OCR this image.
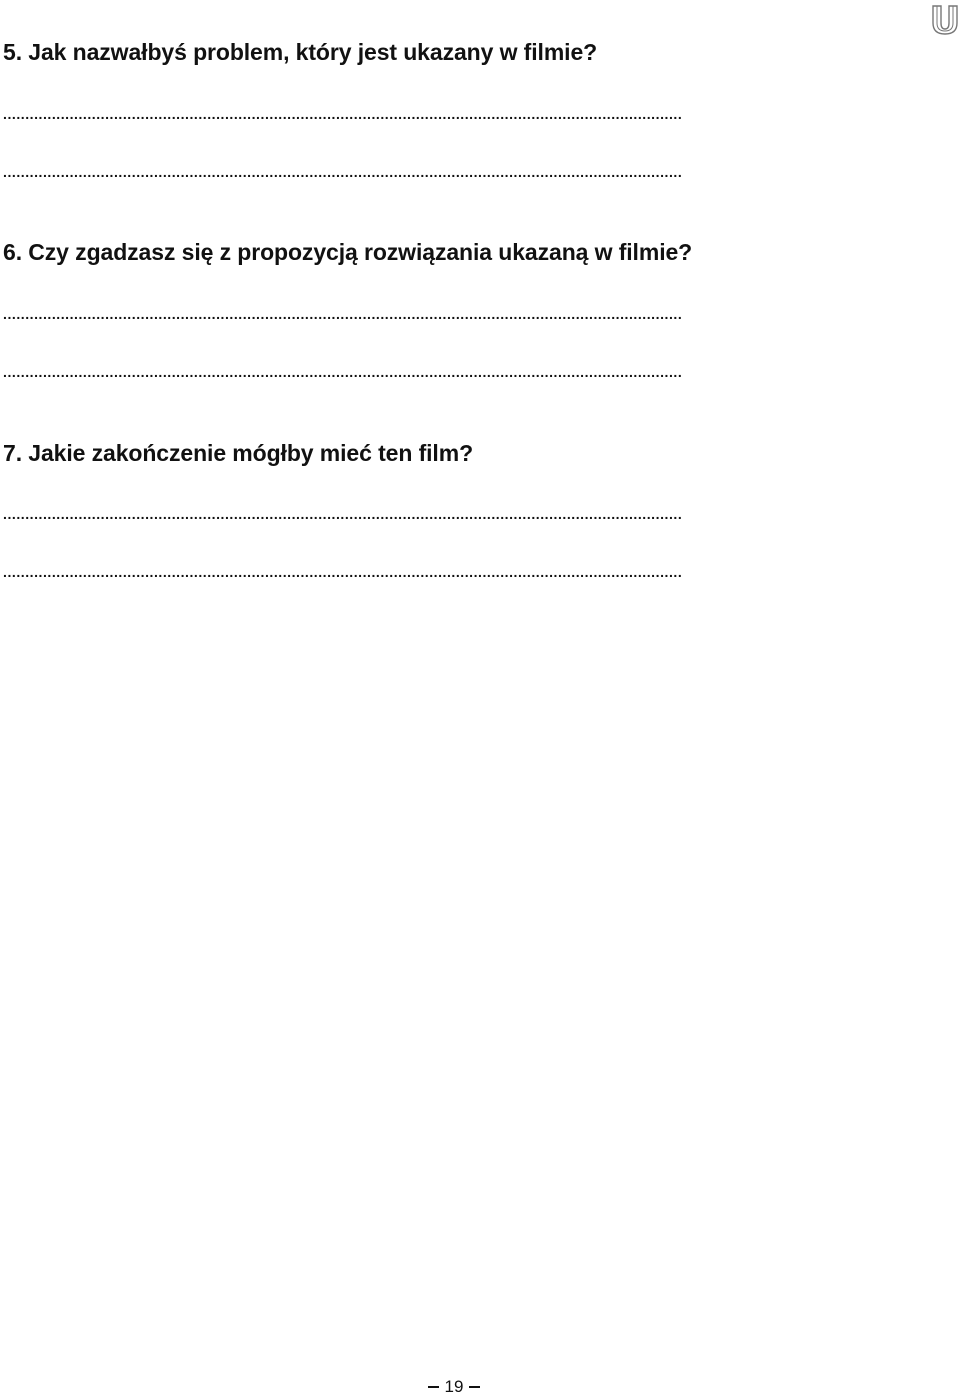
5. Jak nazwałbyś problem, który jest ukazany w filmie?
.........................................................................................................................................................
.........................................................................................................................................................
6. Czy zgadzasz się z propozycją rozwiązania ukazaną w filmie?
.........................................................................................................................................................
.........................................................................................................................................................
7. Jakie zakończenie mógłby mieć ten film?
.........................................................................................................................................................
.........................................................................................................................................................
19
